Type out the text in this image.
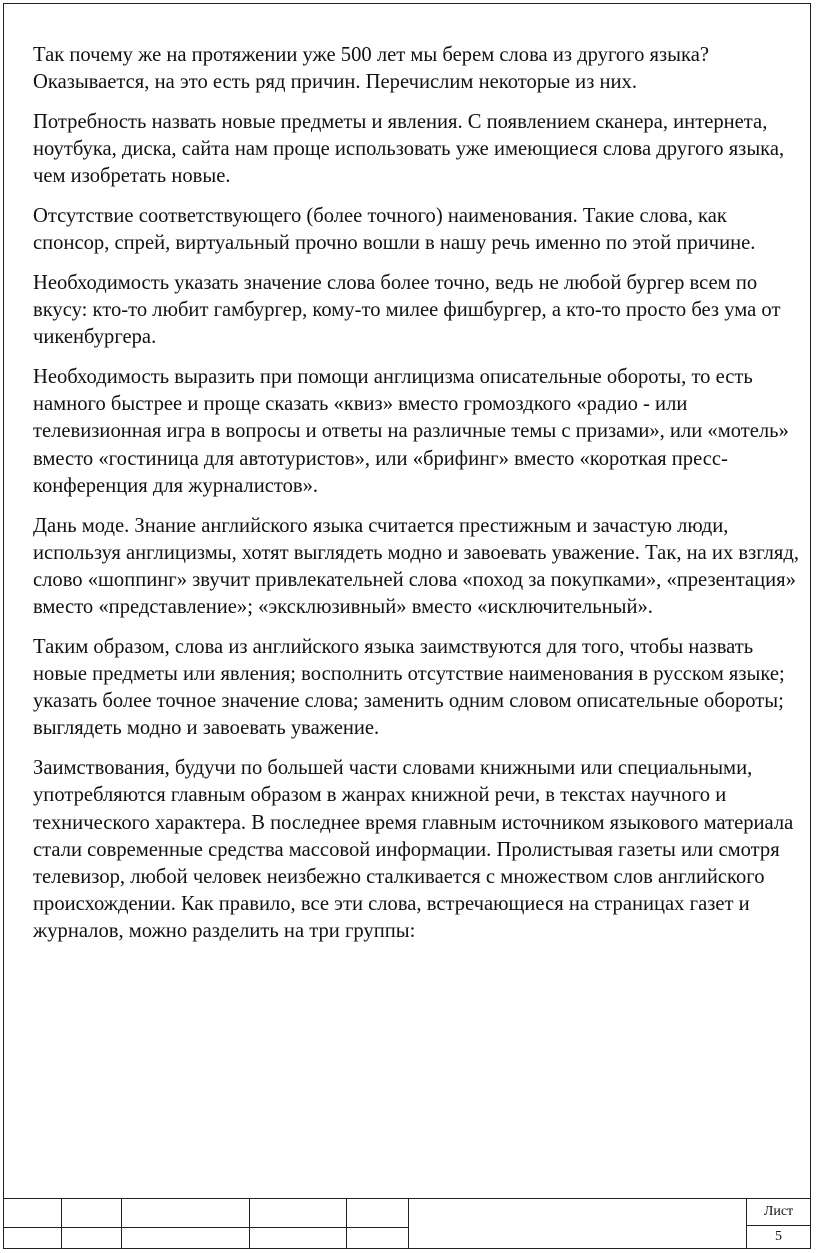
Так почему же на протяжении уже 500 лет мы берем слова из другого языка? Оказывается, на это есть ряд причин. Перечислим некоторые из них.

Потребность назвать новые предметы и явления. С появлением сканера, интернета, ноутбука, диска, сайта нам проще использовать уже имеющиеся слова другого языка, чем изобретать новые.

Отсутствие соответствующего (более точного) наименования. Такие слова, как спонсор, спрей, виртуальный прочно вошли в нашу речь именно по этой причине.

Необходимость указать значение слова более точно, ведь не любой бургер всем по вкусу: кто-то любит гамбургер, кому-то милее фишбургер, а кто-то просто без ума от чикенбургера.

Необходимость выразить при помощи англицизма описательные обороты, то есть намного быстрее и проще сказать «квиз» вместо громоздкого «радио - или телевизионная игра в вопросы и ответы на различные темы с призами», или «мотель» вместо «гостиница для автотуристов», или «брифинг» вместо «короткая пресс-конференция для журналистов».

Дань моде. Знание английского языка считается престижным и зачастую люди, используя англицизмы, хотят выглядеть модно и завоевать уважение. Так, на их взгляд, слово «шоппинг» звучит привлекательней слова «поход за покупками», «презентация» вместо «представление»; «эксклюзивный» вместо «исключительный».

Таким образом, слова из английского языка заимствуются для того, чтобы назвать новые предметы или явления; восполнить отсутствие наименования в русском языке; указать более точное значение слова; заменить одним словом описательные обороты; выглядеть модно и завоевать уважение.

Заимствования, будучи по большей части словами книжными или специальными, употребляются главным образом в жанрах книжной речи, в текстах научного и технического характера. В последнее время главным источником языкового материала стали современные средства массовой информации. Пролистывая газеты или смотря телевизор, любой человек неизбежно сталкивается с множеством слов английского происхождении. Как правило, все эти слова, встречающиеся на страницах газет и журналов, можно разделить на три группы:

Лист
5
